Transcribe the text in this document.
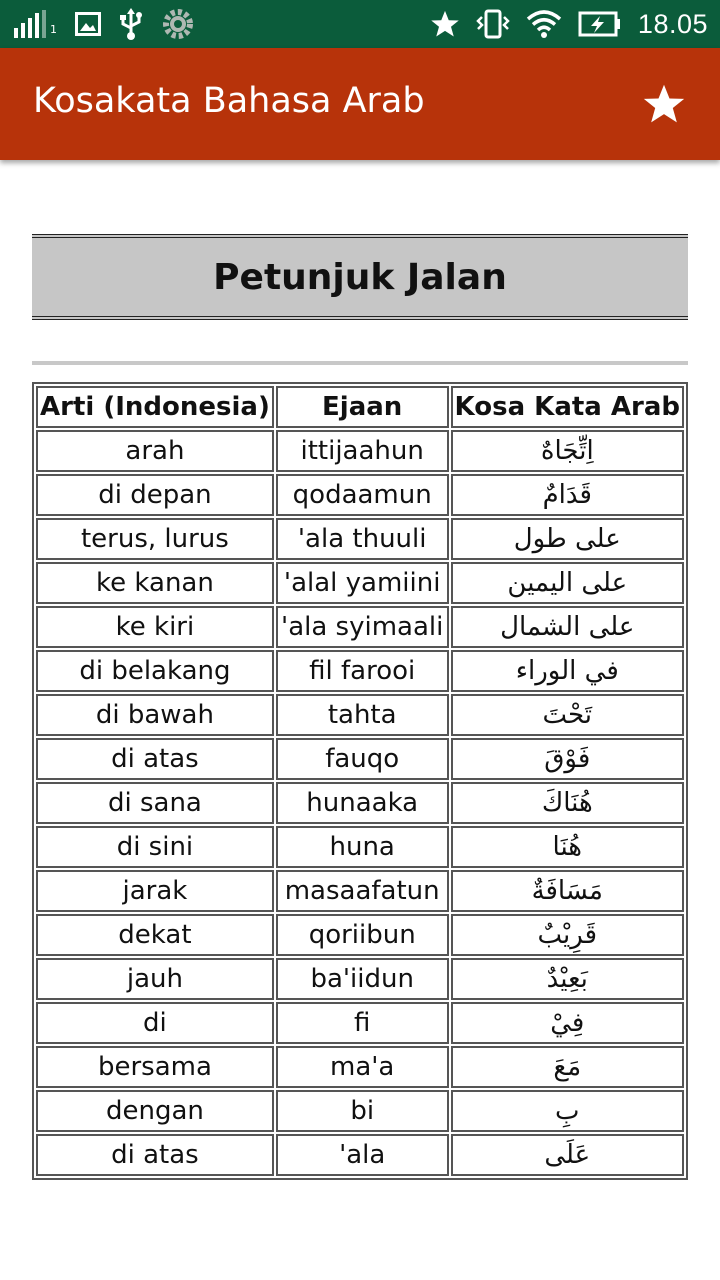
1	18.05
Kosakata Bahasa Arab
Petunjuk Jalan
Arti (Indonesia)	Ejaan	Kosa Kata Arab
arah	ittijaahun	اِتِّجَاهٌ
di depan	qodaamun	قَدَامٌ
terus, lurus	'ala thuuli	على طول
ke kanan	'alal yamiini	على اليمين
ke kiri	'ala syimaali	على الشمال
di belakang	fil farooi	في الوراء
di bawah	tahta	تَحْتَ
di atas	fauqo	فَوْقَ
di sana	hunaaka	هُنَاكَ
di sini	huna	هُنَا
jarak	masaafatun	مَسَافَةٌ
dekat	qoriibun	قَرِيْبٌ
jauh	ba'iidun	بَعِيْدٌ
di	fi	فِيْ
bersama	ma'a	مَعَ
dengan	bi	بِ
di atas	'ala	عَلَى
